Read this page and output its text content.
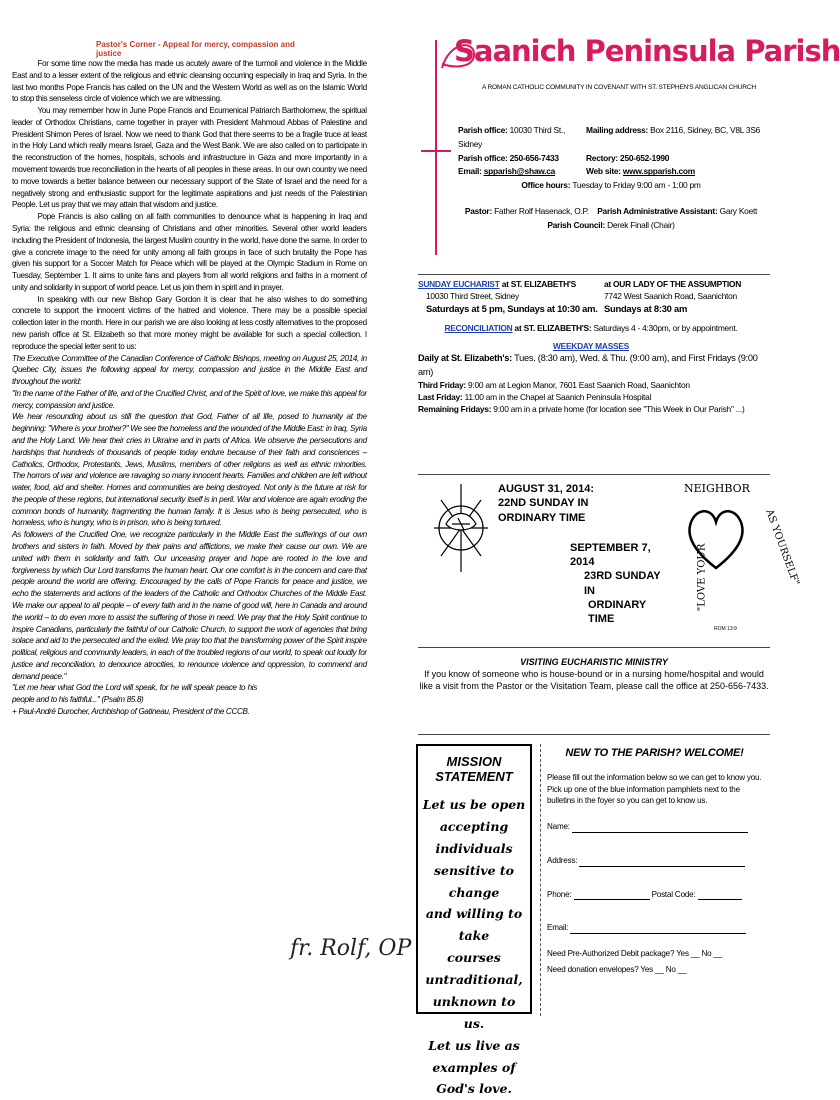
Pastor's Corner - Appeal for mercy, compassion and justice

For some time now the media has made us acutely aware of the turmoil and violence in the Middle East and to a lesser extent of the religious and ethnic cleansing occurring especially in Iraq and Syria. In the last two months Pope Francis has called on the UN and the Western World as well as on the Islamic World to stop this senseless circle of violence which we are witnessing.

You may remember how in June Pope Francis and Ecumenical Patriarch Bartholomew, the spiritual leader of Orthodox Christians, came together in prayer with President Mahmoud Abbas of Palestine and President Shimon Peres of Israel. Now we need to thank God that there seems to be a fragile truce at least in the Holy Land which really means Israel, Gaza and the West Bank. We are also called on to participate in the reconstruction of the homes, hospitals, schools and infrastructure in Gaza and more importantly in a movement towards true reconciliation in the hearts of all peoples in these areas. In our own country we need to move towards a better balance between our necessary support of the State of Israel and the need for a negatively strong and enthusiastic support for the legitimate aspirations and just needs of the Palestinian People. Let us pray that we may attain that wisdom and justice.

Pope Francis is also calling on all faith communities to denounce what is happening in Iraq and Syria: the religious and ethnic cleansing of Christians and other minorities. Several other world leaders including the President of Indonesia, the largest Muslim country in the world, have done the same. In order to give a concrete image to the need for unity among all faith groups in face of such brutality the Pope has given his support for a Soccer Match for Peace which will be played at the Olympic Stadium in Rome on Tuesday, September 1. It aims to unite fans and players from all world religions and faiths in a moment of unity and solidarity in support of world peace. Let us join them in spirit and in prayer.

In speaking with our new Bishop Gary Gordon it is clear that he also wishes to do something concrete to support the innocent victims of the hatred and violence. There may be a possible special collection later in the month. Here in our parish we are also looking at less costly alternatives to the proposed new parish office at St. Elizabeth so that more money might be available for such a special collection. I reproduce the special letter sent to us:

The Executive Committee of the Canadian Conference of Catholic Bishops, meeting on August 25, 2014, in Quebec City, issues the following appeal for mercy, compassion and justice in the Middle East and throughout the world:

"In the name of the Father of life, and of the Crucified Christ, and of the Spirit of love, we make this appeal for mercy, compassion and justice.

We hear resounding about us still the question that God, Father of all life, posed to humanity at the beginning: "Where is your brother?" We see the homeless and the wounded of the Middle East: in Iraq, Syria and the Holy Land. We hear their cries in Ukraine and in parts of Africa. We observe the persecutions and hardships that hundreds of thousands of people today endure because of their faith and consciences – Catholics, Orthodox, Protestants, Jews, Muslims, members of other religions as well as ethnic minorities. The horrors of war and violence are ravaging so many innocent hearts. Families and children are left without water, food, aid and shelter. Homes and communities are being destroyed. Not only is the future at risk for the people of these regions, but international security itself is in peril. War and violence are again eroding the common bonds of humanity, fragmenting the human family. It is Jesus who is being persecuted, who is homeless, who is hungry, who is in prison, who is being tortured.

As followers of the Crucified One, we recognize particularly in the Middle East the sufferings of our own brothers and sisters in faith. Moved by their pains and afflictions, we make their cause our own. We are united with them in solidarity and faith. Our unceasing prayer and hope are rooted in the love and forgiveness by which Our Lord transforms the human heart. Our one comfort is in the concern and care that people around the world are offering. Encouraged by the calls of Pope Francis for peace and justice, we echo the statements and actions of the leaders of the Catholic and Orthodox Churches of the Middle East. We make our appeal to all people – of every faith and in the name of good will, here in Canada and around the world – to do even more to assist the suffering of those in need. We pray that the Holy Spirit continue to inspire Canadians, particularly the faithful of our Catholic Church, to support the work of agencies that bring solace and aid to the persecuted and the exiled. We pray too that the transforming power of the Spirit inspire political, religious and community leaders, in each of the troubled regions of our world, to speak out loudly for justice and reconciliation, to denounce atrocities, to renounce violence and oppression, to commend and demand peace."

"Let me hear what God the Lord will speak, for he will speak peace to his people and to his faithful..." (Psalm 85.8)

+ Paul-André Durocher, Archbishop of Gatineau, President of the CCCB.

fr. Rolf, OP
Saanich Peninsula Parish
A ROMAN CATHOLIC COMMUNITY IN COVENANT WITH ST. STEPHEN'S ANGLICAN CHURCH
Parish office: 10030 Third St., Sidney
Mailing address: Box 2116, Sidney, BC, V8L 3S6
Parish office: 250-656-7433	Rectory: 250-652-1990
Email: spparish@shaw.ca	Web site: www.spparish.com
Office hours:
Tuesday to Friday 9:00 am - 1:00 pm
Pastor:
Father Rolf Hasenack, O.P.
Parish Administrative Assistant:
Gary Koett
Parish Council:
Derek Finall (Chair)
SUNDAY EUCHARIST at ST. ELIZABETH'S
10030 Third Street, Sidney
Saturdays at 5 pm, Sundays at 10:30 am.
at OUR LADY OF THE ASSUMPTION
7742 West Saanich Road, Saanichton
Sundays at 8:30 am
RECONCILIATION at ST. ELIZABETH'S: Saturdays 4 - 4:30pm, or by appointment.
WEEKDAY MASSES
Daily at St. Elizabeth's: Tues. (8:30 am), Wed. & Thu. (9:00 am), and First Fridays (9:00 am)
Third Friday: 9:00 am at Legion Manor, 7601 East Saanich Road, Saanichton
Last Friday: 11:00 am in the Chapel at Saanich Peninsula Hospital
Remaining Fridays: 9:00 am in a private home (for location see "This Week in Our Parish" ...)
AUGUST 31, 2014:
22ND SUNDAY IN
ORDINARY TIME
SEPTEMBER 7, 2014
23RD SUNDAY IN
ORDINARY TIME
NEIGHBOR
"LOVE YOUR	AS YOURSELF"
ROM 13:9
VISITING EUCHARISTIC MINISTRY
If you know of someone who is house-bound or in a nursing home/hospital and would like a visit from the Pastor or the Visitation Team, please call the office at 250-656-7433.
MISSION STATEMENT
Let us be open
accepting individuals
sensitive to change
and willing to take
courses untraditional,
unknown to us.
Let us live as
examples of God's love.
NEW TO THE PARISH? WELCOME!
Please fill out the information below so we can get to know you. Pick up one of the blue information pamphlets next to the bulletins in the foyer so you can get to know us.
Name:
Address:
Phone:	Postal Code:
Email:
Need Pre-Authorized Debit package? Yes __ No __
Need donation envelopes? Yes __ No __
